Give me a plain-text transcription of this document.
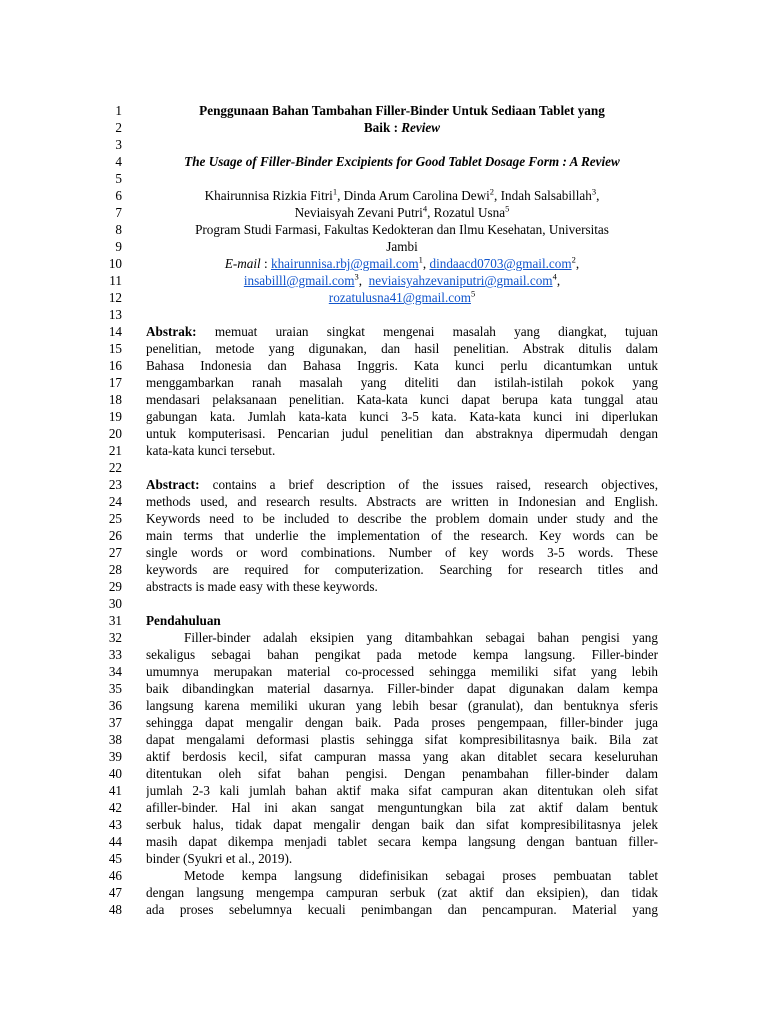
1
2
3
4
5
6
7
8
9
10
11
12
13
14
15
16
17
18
19
20
21
22
23
24
25
26
27
28
29
30
31
32
33
34
35
36
37
38
39
40
41
42
43
44
45
46
47
48
Penggunaan Bahan Tambahan Filler-Binder Untuk Sediaan Tablet yang
Baik : Review
The Usage of Filler-Binder Excipients for Good Tablet Dosage Form : A Review
Khairunnisa Rizkia Fitri$^1$, Dinda Arum Carolina Dewi$^2$, Indah Salsabillah$^3$,
Neviaisyah Zevani Putri$^4$, Rozatul Usna$^5$
Program Studi Farmasi, Fakultas Kedokteran dan Ilmu Kesehatan, Universitas
Jambi
E-mail : khairunnisa.rbj@gmail.com$^1$, dindaacd0703@gmail.com$^2$,
insabilll@gmail.com$^3$,  neviaisyahzevaniputri@gmail.com$^4$,
rozatulusna41@gmail.com$^5$
Abstrak: memuat uraian singkat mengenai masalah yang diangkat, tujuan
penelitian, metode yang digunakan, dan hasil penelitian. Abstrak ditulis dalam
Bahasa Indonesia dan Bahasa Inggris. Kata kunci perlu dicantumkan untuk
menggambarkan ranah masalah yang diteliti dan istilah-istilah pokok yang
mendasari pelaksanaan penelitian. Kata-kata kunci dapat berupa kata tunggal atau
gabungan kata. Jumlah kata-kata kunci 3-5 kata. Kata-kata kunci ini diperlukan
untuk komputerisasi. Pencarian judul penelitian dan abstraknya dipermudah dengan
kata-kata kunci tersebut.
Abstract: contains a brief description of the issues raised, research objectives,
methods used, and research results. Abstracts are written in Indonesian and English.
Keywords need to be included to describe the problem domain under study and the
main terms that underlie the implementation of the research. Key words can be
single words or word combinations. Number of key words 3-5 words. These
keywords are required for computerization. Searching for research titles and
abstracts is made easy with these keywords.
Pendahuluan
Filler-binder adalah eksipien yang ditambahkan sebagai bahan pengisi yang
sekaligus sebagai bahan pengikat pada metode kempa langsung. Filler-binder
umumnya merupakan material co-processed sehingga memiliki sifat yang lebih
baik dibandingkan material dasarnya. Filler-binder dapat digunakan dalam kempa
langsung karena memiliki ukuran yang lebih besar (granulat), dan bentuknya sferis
sehingga dapat mengalir dengan baik. Pada proses pengempaan, filler-binder juga
dapat mengalami deformasi plastis sehingga sifat kompresibilitasnya baik. Bila zat
aktif berdosis kecil, sifat campuran massa yang akan ditablet secara keseluruhan
ditentukan oleh sifat bahan pengisi. Dengan penambahan filler-binder dalam
jumlah 2-3 kali jumlah bahan aktif maka sifat campuran akan ditentukan oleh sifat
afiller-binder. Hal ini akan sangat menguntungkan bila zat aktif dalam bentuk
serbuk halus, tidak dapat mengalir dengan baik dan sifat kompresibilitasnya jelek
masih dapat dikempa menjadi tablet secara kempa langsung dengan bantuan filler-
binder (Syukri et al., 2019).
Metode kempa langsung didefinisikan sebagai proses pembuatan tablet
dengan langsung mengempa campuran serbuk (zat aktif dan eksipien), dan tidak
ada proses sebelumnya kecuali penimbangan dan pencampuran. Material yang
